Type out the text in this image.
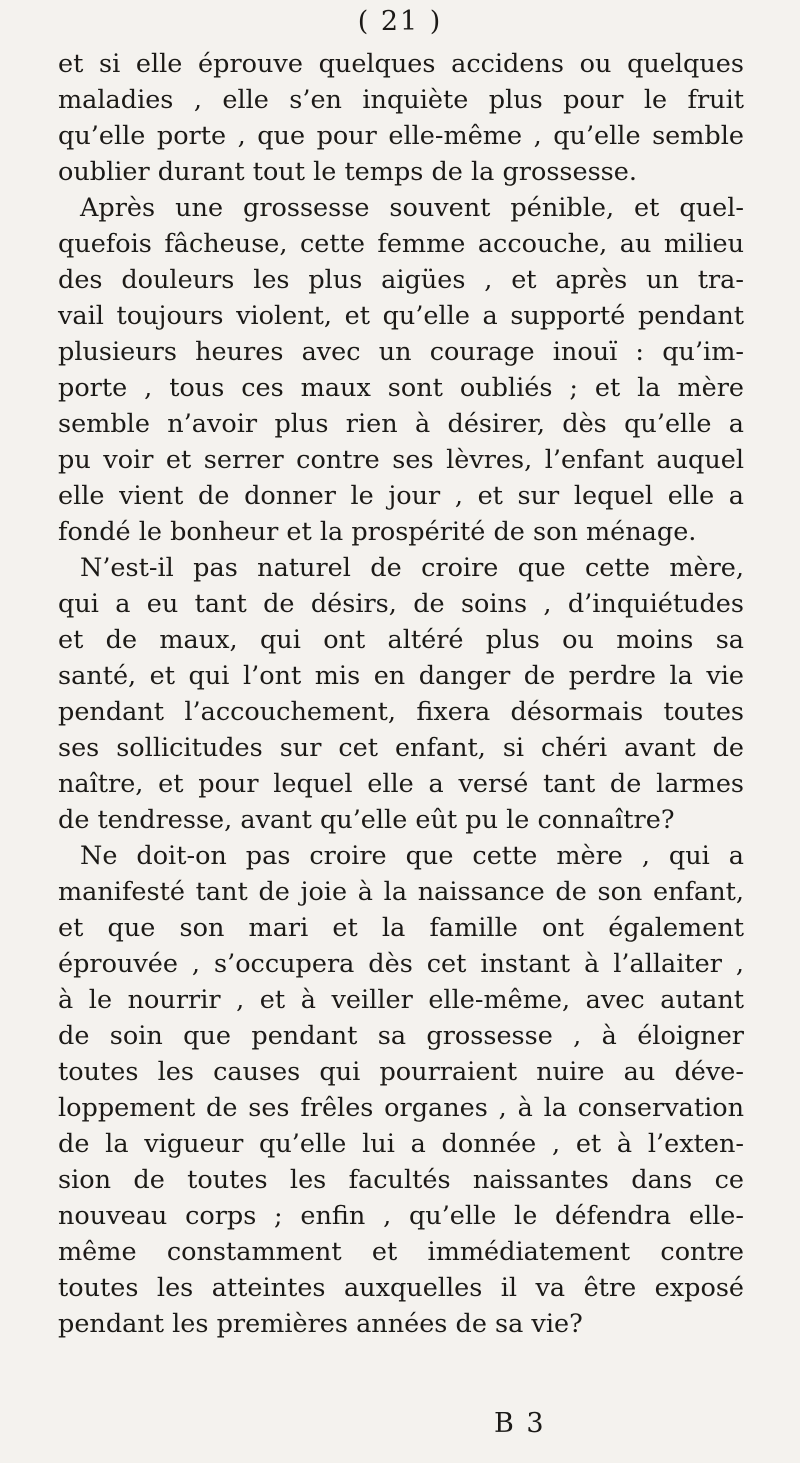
( 21 )
et si elle éprouve quelques accidens ou quelques
maladies , elle s’en inquiète plus pour le fruit
qu’elle porte , que pour elle-même , qu’elle semble
oublier durant tout le temps de la grossesse.
Après une grossesse souvent pénible, et quel-
quefois fâcheuse, cette femme accouche, au milieu
des douleurs les plus aigües , et après un tra-
vail toujours violent, et qu’elle a supporté pendant
plusieurs heures avec un courage inouï : qu’im-
porte , tous ces maux sont oubliés ; et la mère
semble n’avoir plus rien à désirer, dès qu’elle a
pu voir et serrer contre ses lèvres, l’enfant auquel
elle vient de donner le jour , et sur lequel elle a
fondé le bonheur et la prospérité de son ménage.
N’est-il pas naturel de croire que cette mère,
qui a eu tant de désirs, de soins , d’inquiétudes
et de maux, qui ont altéré plus ou moins sa
santé, et qui l’ont mis en danger de perdre la vie
pendant l’accouchement, fixera désormais toutes
ses sollicitudes sur cet enfant, si chéri avant de
naître, et pour lequel elle a versé tant de larmes
de tendresse, avant qu’elle eût pu le connaître?
Ne doit-on pas croire que cette mère , qui a
manifesté tant de joie à la naissance de son enfant,
et que son mari et la famille ont également
éprouvée , s’occupera dès cet instant à l’allaiter ,
à le nourrir , et à veiller elle-même, avec autant
de soin que pendant sa grossesse , à éloigner
toutes les causes qui pourraient nuire au déve-
loppement de ses frêles organes , à la conservation
de la vigueur qu’elle lui a donnée , et à l’exten-
sion de toutes les facultés naissantes dans ce
nouveau corps ; enfin , qu’elle le défendra elle-
même constamment et immédiatement contre
toutes les atteintes auxquelles il va être exposé
pendant les premières années de sa vie?
B 3
